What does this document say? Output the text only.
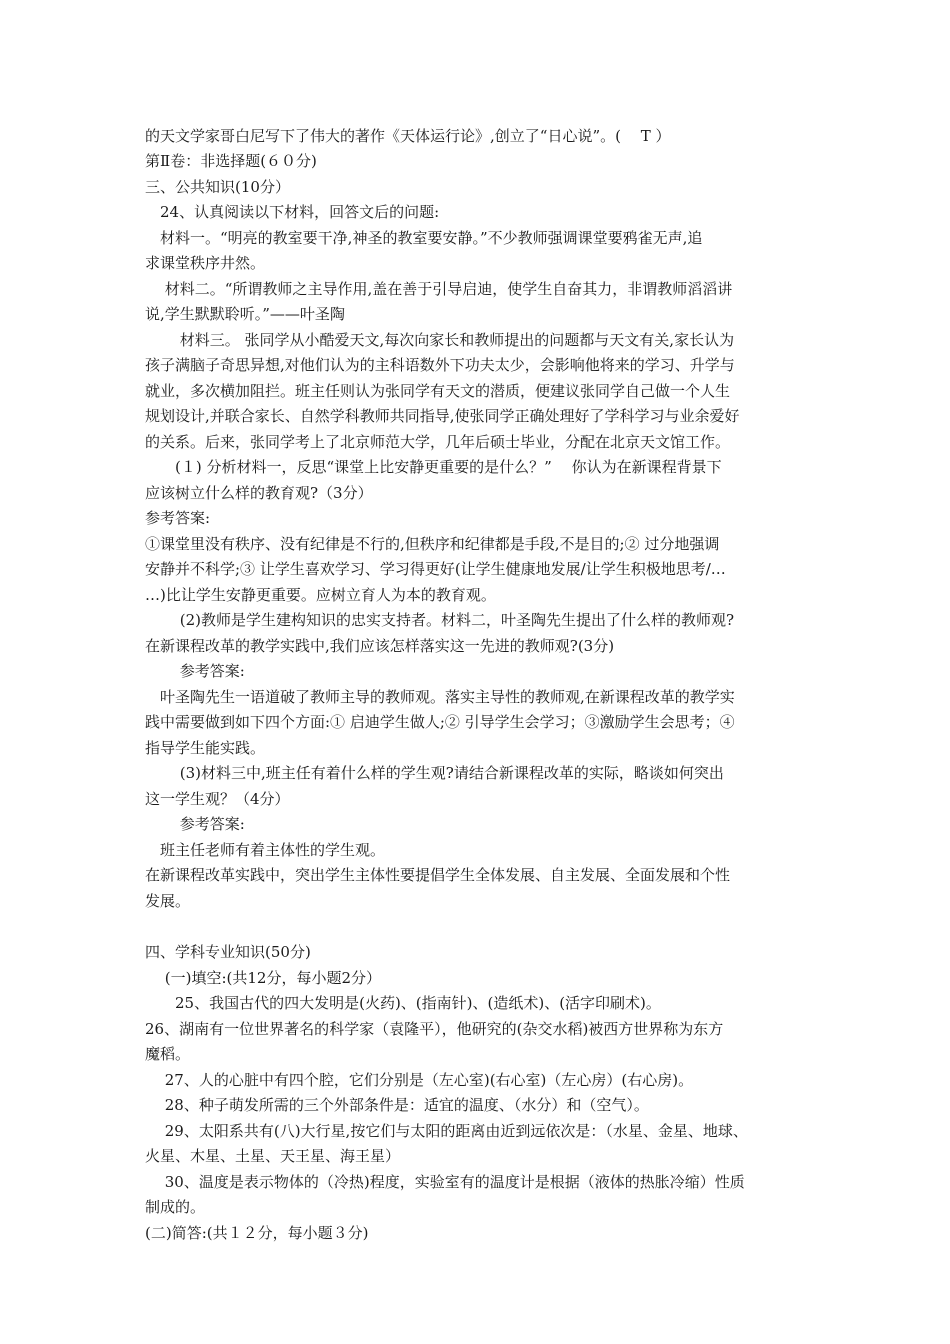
的天文学家哥白尼写下了伟大的著作《天体运行论》,创立了“日心说”。(　 T ）
第Ⅱ卷：非选择题(６０分)
三、公共知识(10分）
　24、认真阅读以下材料，回答文后的问题:
　材料一。“明亮的教室要干净,神圣的教室要安静。”不少教师强调课堂要鸦雀无声,追
求课堂秩序井然。
　 材料二。“所谓教师之主导作用,盖在善于引导启迪，使学生自奋其力，非谓教师滔滔讲
说,学生默默聆听。”——叶圣陶
　　 材料三。 张同学从小酷爱天文,每次向家长和教师提出的问题都与天文有关,家长认为
孩子满脑子奇思异想,对他们认为的主科语数外下功夫太少，会影响他将来的学习、升学与
就业，多次横加阻拦。班主任则认为张同学有天文的潜质，便建议张同学自己做一个人生
规划设计,并联合家长、自然学科教师共同指导,使张同学正确处理好了学科学习与业余爱好
的关系。后来，张同学考上了北京师范大学，几年后硕士毕业，分配在北京天文馆工作。
　　(１) 分析材料一，反思“课堂上比安静更重要的是什么？”　 你认为在新课程背景下
应该树立什么样的教育观?（3分）
参考答案:
①课堂里没有秩序、没有纪律是不行的,但秩序和纪律都是手段,不是目的;② 过分地强调
安静并不科学;③ 让学生喜欢学习、学习得更好(让学生健康地发展/让学生积极地思考/…
…)比让学生安静更重要。应树立育人为本的教育观。
　　 (2)教师是学生建构知识的忠实支持者。材料二，叶圣陶先生提出了什么样的教师观?
在新课程改革的教学实践中,我们应该怎样落实这一先进的教师观?(3分)
　　 参考答案:
　叶圣陶先生一语道破了教师主导的教师观。落实主导性的教师观,在新课程改革的教学实
践中需要做到如下四个方面:① 启迪学生做人;② 引导学生会学习；③激励学生会思考；④
指导学生能实践。
　　 (3)材料三中,班主任有着什么样的学生观?请结合新课程改革的实际，略谈如何突出
这一学生观？（4分）
　　 参考答案:
　班主任老师有着主体性的学生观。
在新课程改革实践中，突出学生主体性要提倡学生全体发展、自主发展、全面发展和个性
发展。
四、学科专业知识(50分)
　 (一)填空:(共12分，每小题2分）
　　25、我国古代的四大发明是(火药)、(指南针)、(造纸术)、(活字印刷术)。
26、湖南有一位世界著名的科学家（袁隆平），他研究的(杂交水稻)被西方世界称为东方
魔稻。
　 27、人的心脏中有四个腔，它们分别是（左心室)(右心室)（左心房）(右心房)。
　 28、种子萌发所需的三个外部条件是：适宜的温度、（水分）和（空气）。
　 29、太阳系共有(八)大行星,按它们与太阳的距离由近到远依次是：（水星、金星、地球、
火星、木星、土星、天王星、海王星）
　 30、温度是表示物体的（冷热)程度，实验室有的温度计是根据（液体的热胀冷缩）性质
制成的。
(二)简答:(共１２分，每小题３分)
